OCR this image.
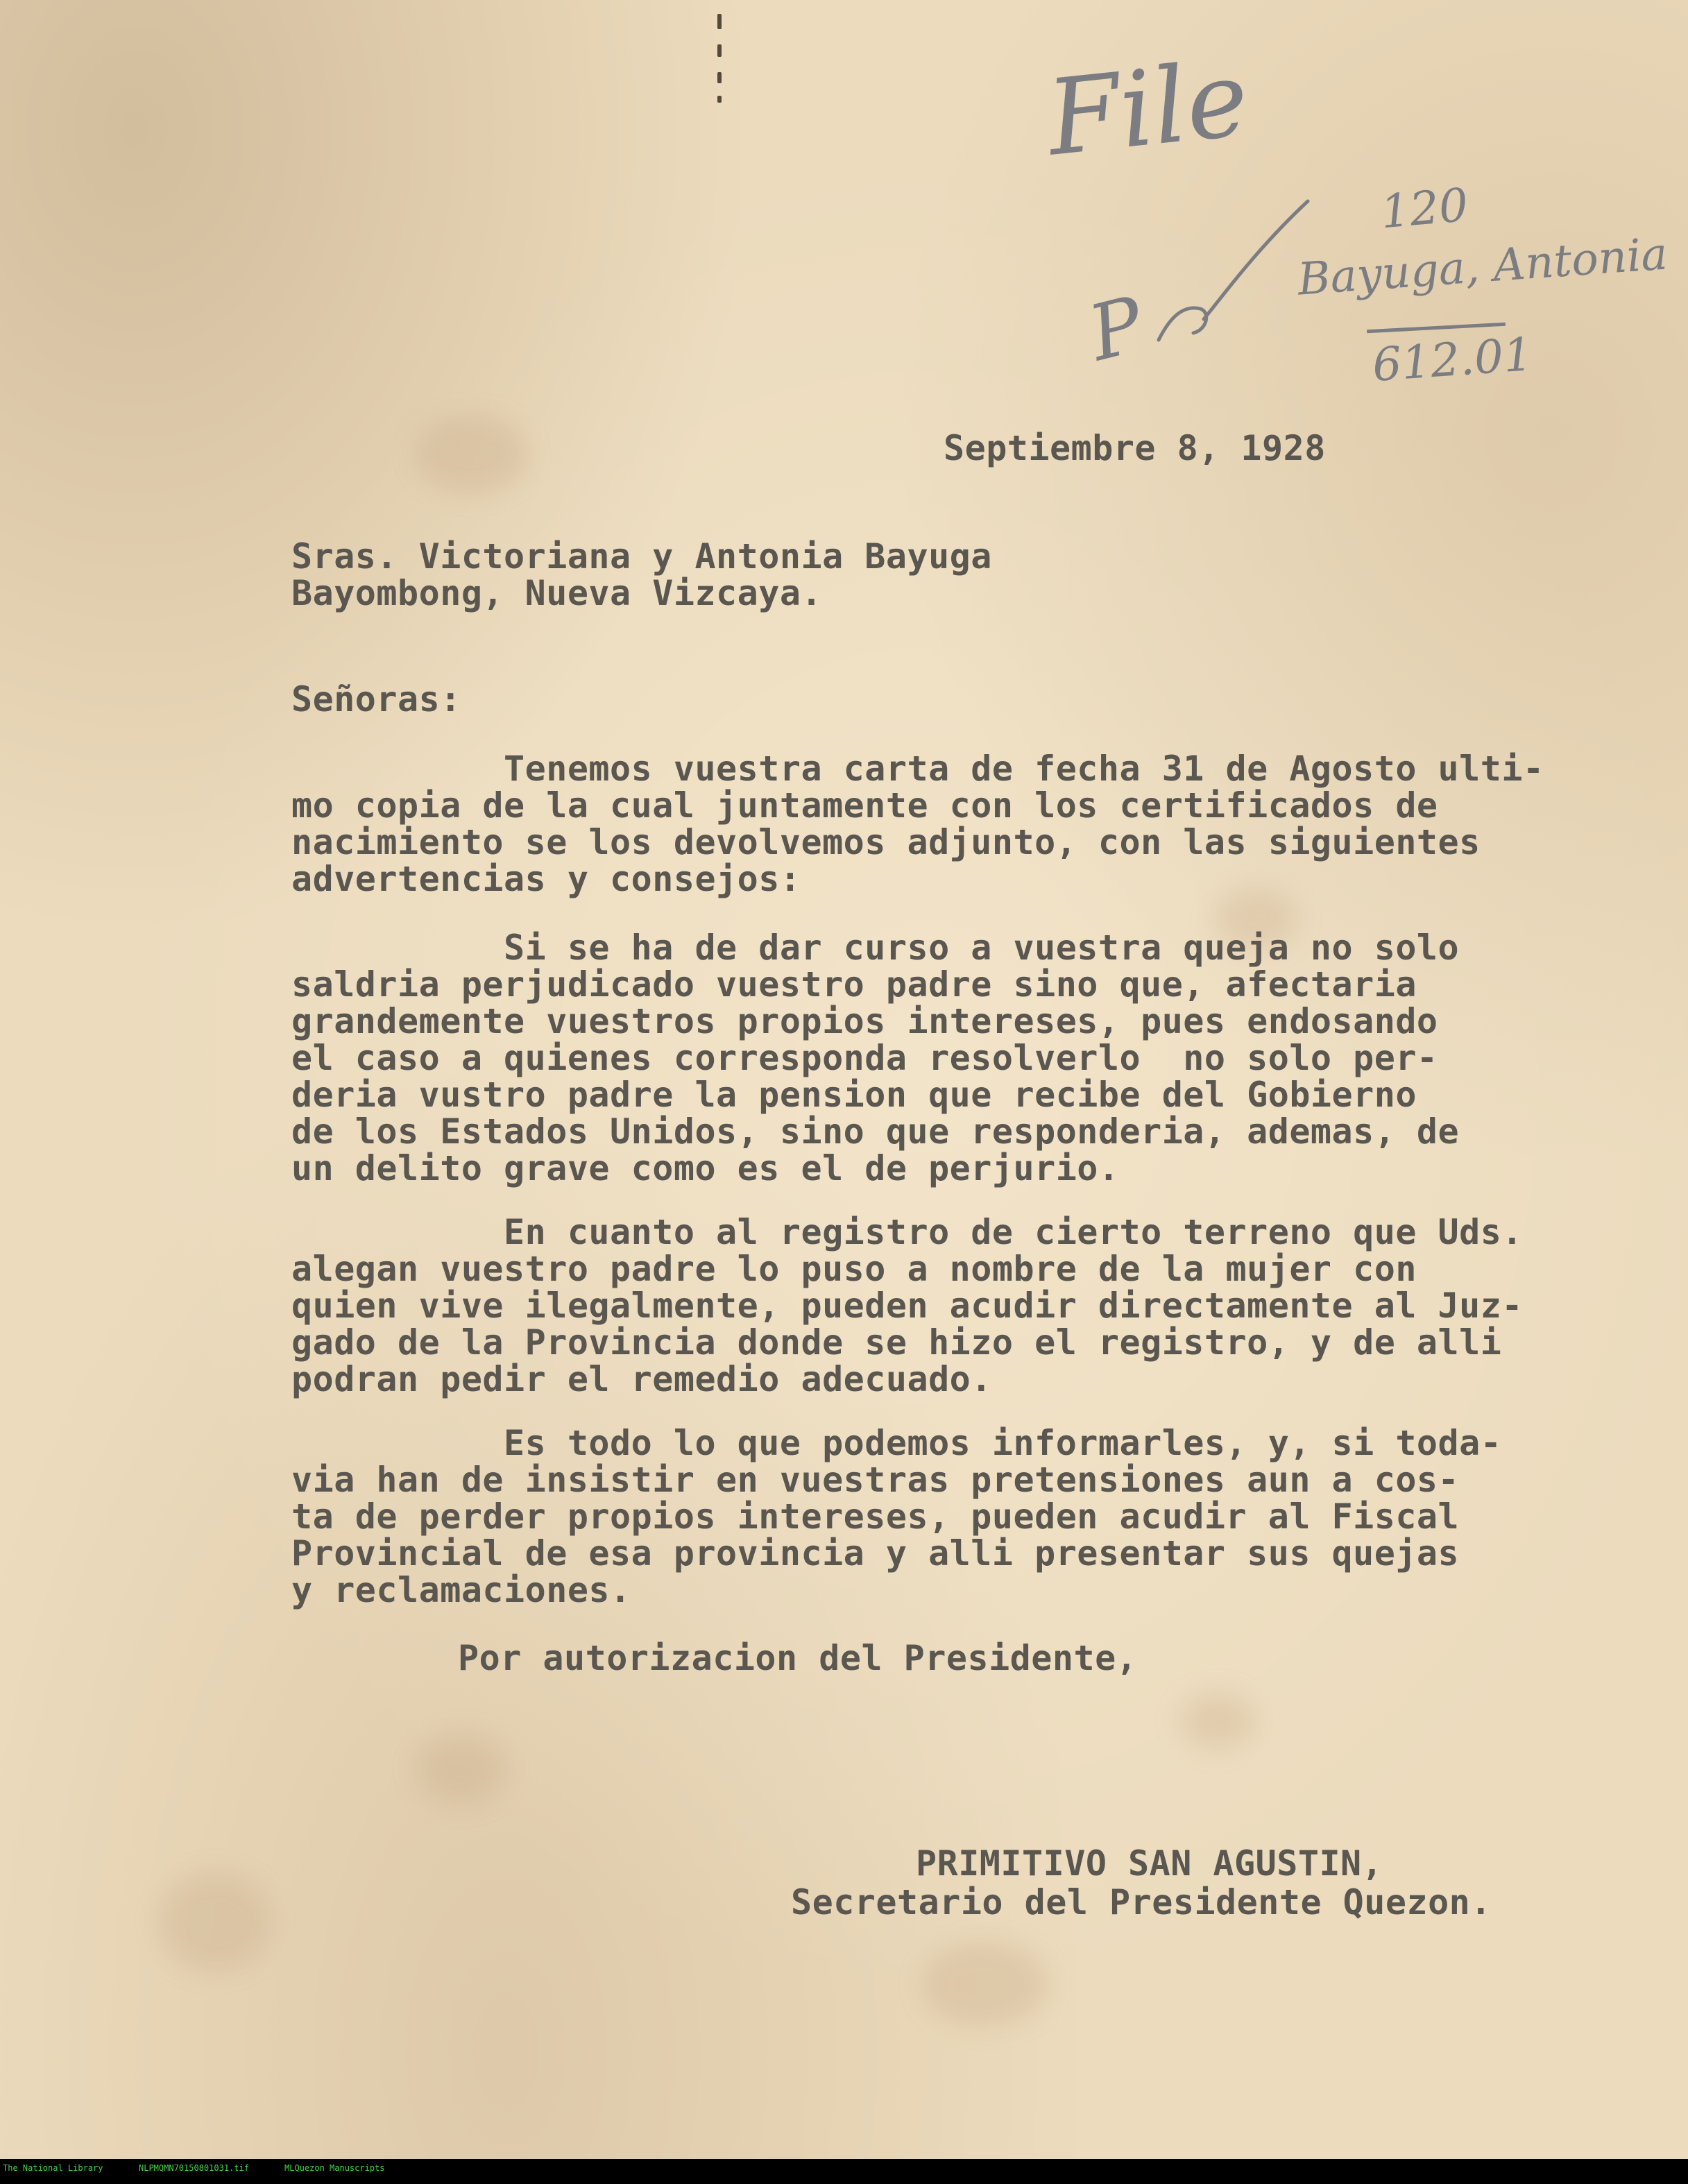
File
120
Bayuga, Antonia
P	612.01
Septiembre 8, 1928
Sras. Victoriana y Antonia Bayuga
Bayombong, Nueva Vizcaya.
Señoras:
Tenemos vuestra carta de fecha 31 de Agosto ulti-
mo copia de la cual juntamente con los certificados de
nacimiento se los devolvemos adjunto, con las siguientes
advertencias y consejos:
Si se ha de dar curso a vuestra queja no solo
saldria perjudicado vuestro padre sino que, afectaria
grandemente vuestros propios intereses, pues endosando
el caso a quienes corresponda resolverlo  no solo per-
deria vustro padre la pension que recibe del Gobierno
de los Estados Unidos, sino que responderia, ademas, de
un delito grave como es el de perjurio.
En cuanto al registro de cierto terreno que Uds.
alegan vuestro padre lo puso a nombre de la mujer con
quien vive ilegalmente, pueden acudir directamente al Juz-
gado de la Provincia donde se hizo el registro, y de alli
podran pedir el remedio adecuado.
Es todo lo que podemos informarles, y, si toda-
via han de insistir en vuestras pretensiones aun a cos-
ta de perder propios intereses, pueden acudir al Fiscal
Provincial de esa provincia y alli presentar sus quejas
y reclamaciones.
Por autorizacion del Presidente,
PRIMITIVO SAN AGUSTIN,
Secretario del Presidente Quezon.
The National Library	NLPMQMN70150801031.tif	MLQuezon Manuscripts
